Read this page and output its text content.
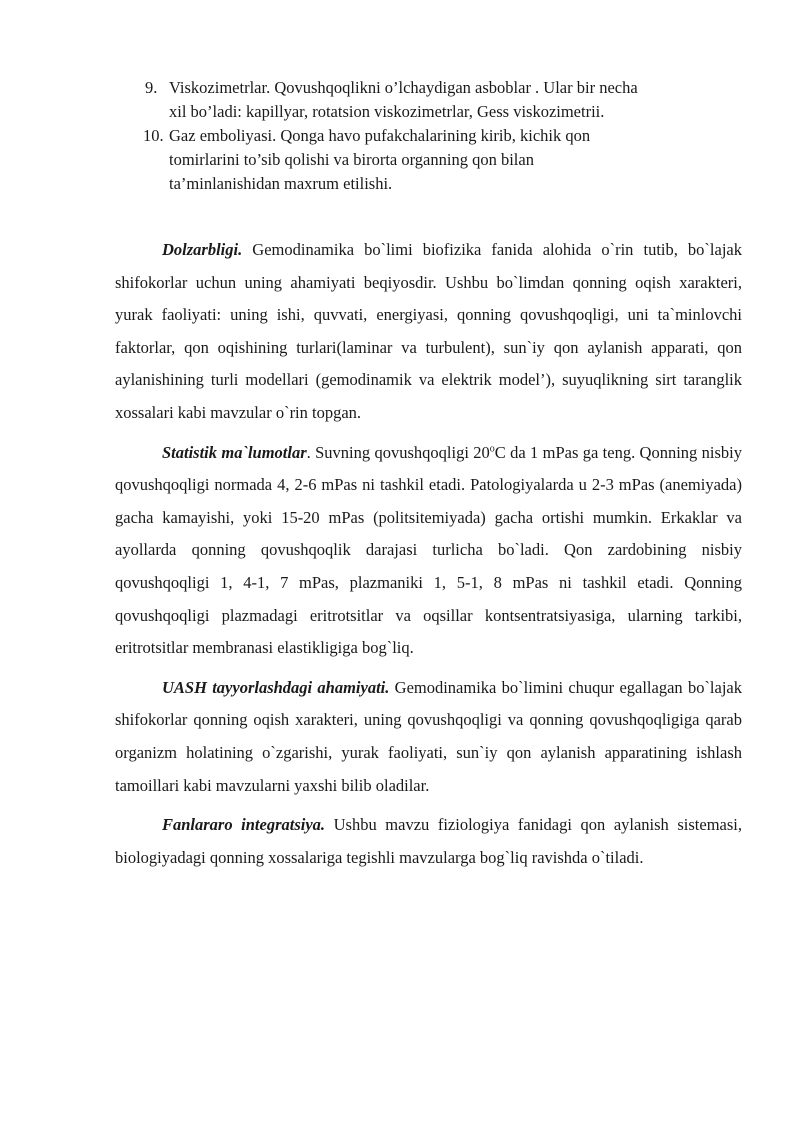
9. Viskozimetrlar. Qovushqoqlikni o’lchaydigan asboblar . Ular bir necha
xil bo’ladi: kapillyar, rotatsion viskozimetrlar, Gess viskozimetrii.
10. Gaz emboliyasi. Qonga havo pufakchalarining kirib, kichik qon
tomirlarini to’sib qolishi va birorta organning qon bilan
ta’minlanishidan maxrum etilishi.

Dolzarbligi. Gemodinamika bo`limi biofizika fanida alohida o`rin tutib, bo`lajak shifokorlar uchun uning ahamiyati beqiyosdir. Ushbu bo`limdan qonning oqish xarakteri, yurak faoliyati: uning ishi, quvvati, energiyasi, qonning qovushqoqligi, uni ta`minlovchi faktorlar, qon oqishining turlari(laminar va turbulent), sun`iy qon aylanish apparati, qon aylanishining turli modellari (gemodinamik va elektrik model’), suyuqlikning sirt taranglik xossalari kabi mavzular o`rin topgan.

Statistik ma`lumotlar. Suvning qovushqoqligi 20$^o$C da 1 mPas ga teng. Qonning nisbiy qovushqoqligi normada 4, 2-6 mPas ni tashkil etadi. Patologiyalarda u 2-3 mPas (anemiyada) gacha kamayishi, yoki 15-20 mPas (politsitemiyada) gacha ortishi mumkin. Erkaklar va ayollarda qonning qovushqoqlik darajasi turlicha bo`ladi. Qon zardobining nisbiy qovushqoqligi 1, 4-1, 7 mPas, plazmaniki 1, 5-1, 8 mPas ni tashkil etadi. Qonning qovushqoqligi plazmadagi eritrotsitlar va oqsillar kontsentratsiyasiga, ularning tarkibi, eritrotsitlar membranasi elastikligiga bog`liq.

UASH tayyorlashdagi ahamiyati. Gemodinamika bo`limini chuqur egallagan bo`lajak shifokorlar qonning oqish xarakteri, uning qovushqoqligi va qonning qovushqoqligiga qarab organizm holatining o`zgarishi, yurak faoliyati, sun`iy qon aylanish apparatining ishlash tamoillari kabi mavzularni yaxshi bilib oladilar.

Fanlararo integratsiya. Ushbu mavzu fiziologiya fanidagi qon aylanish sistemasi, biologiyadagi qonning xossalariga tegishli mavzularga bog`liq ravishda o`tiladi.
